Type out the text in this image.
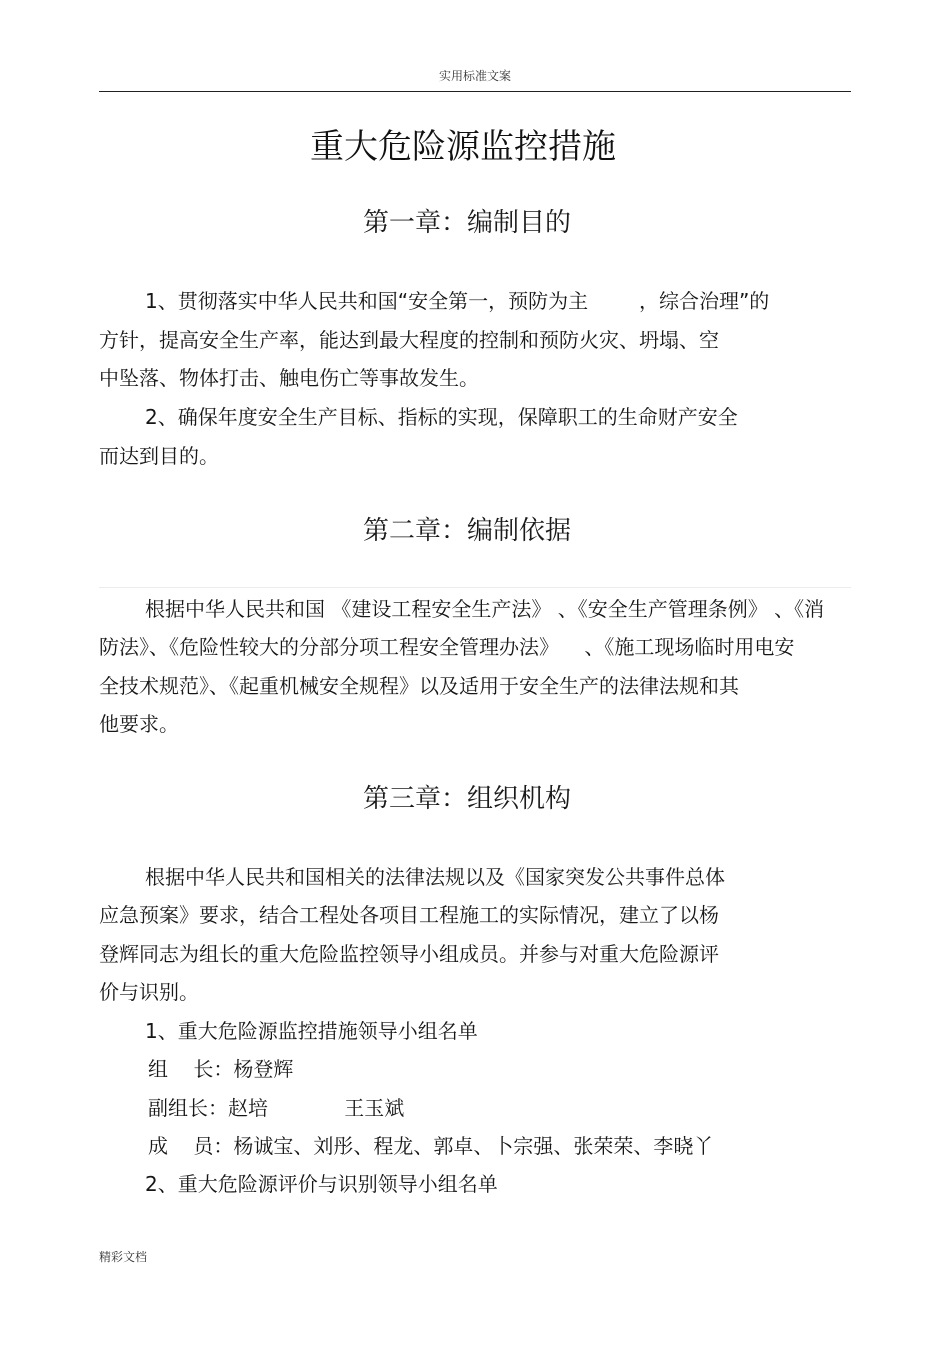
实用标准文案
重大危险源监控措施
第一章：编制目的
1、贯彻落实中华人民共和国“安全第一，预防为主        ，综合治理”的
方针，提高安全生产率，能达到最大程度的控制和预防火灾、坍塌、空
中坠落、物体打击、触电伤亡等事故发生。
2、确保年度安全生产目标、指标的实现，保障职工的生命财产安全
而达到目的。
第二章：编制依据
根据中华人民共和国 《建设工程安全生产法》 、《安全生产管理条例》 、《消
防法》、《危险性较大的分部分项工程安全管理办法》    、《施工现场临时用电安
全技术规范》、《起重机械安全规程》以及适用于安全生产的法律法规和其
他要求。
第三章：组织机构
根据中华人民共和国相关的法律法规以及《国家突发公共事件总体
应急预案》要求，结合工程处各项目工程施工的实际情况，建立了以杨
登辉同志为组长的重大危险监控领导小组成员。并参与对重大危险源评
价与识别。
1、重大危险源监控措施领导小组名单
组    长：杨登辉
副组长：赵培            王玉斌
成    员：杨诚宝、刘彤、程龙、郭卓、卜宗强、张荣荣、李晓丫
2、重大危险源评价与识别领导小组名单
精彩文档
